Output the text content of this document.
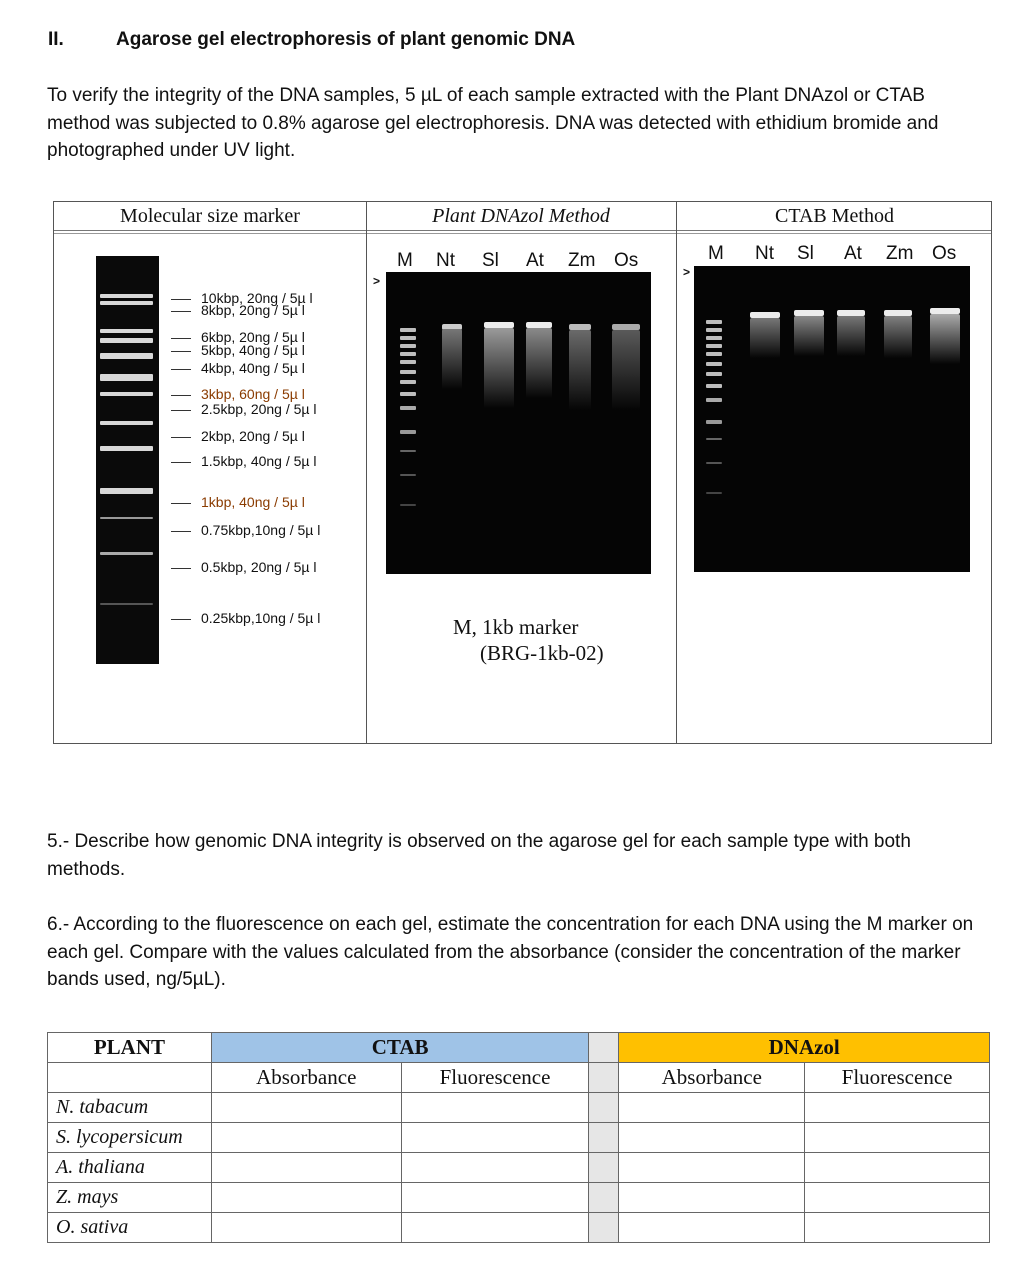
II.	Agarose gel electrophoresis of plant genomic DNA
To verify the integrity of the DNA samples, 5 µL of each sample extracted with the Plant DNAzol or CTAB method was subjected to 0.8% agarose gel electrophoresis. DNA was detected with ethidium bromide and photographed under UV light.
Molecular size marker	Plant DNAzol Method	CTAB Method
10kbp, 20ng / 5µ l
8kbp, 20ng / 5µ l
6kbp, 20ng / 5µ l
5kbp, 40ng / 5µ l
4kbp, 40ng / 5µ l
3kbp, 60ng / 5µ l
2.5kbp, 20ng / 5µ l
2kbp, 20ng / 5µ l
1.5kbp, 40ng / 5µ l
1kbp, 40ng / 5µ l
0.75kbp,10ng / 5µ l
0.5kbp, 20ng / 5µ l
0.25kbp,10ng / 5µ l
M Nt Sl At Zm Os
>
M, 1kb marker
(BRG-1kb-02)
M Nt Sl At Zm Os
>
5.- Describe how genomic DNA integrity is observed on the agarose gel for each sample type with both methods.
6.- According to the fluorescence on each gel, estimate the concentration for each DNA using the M marker on each gel. Compare with the values calculated from the absorbance (consider the concentration of the marker bands used, ng/5µL).
PLANT	CTAB			DNAzol	
	Absorbance	Fluorescence		Absorbance	Fluorescence
N. tabacum					
S. lycopersicum					
A. thaliana					
Z. mays					
O. sativa					
